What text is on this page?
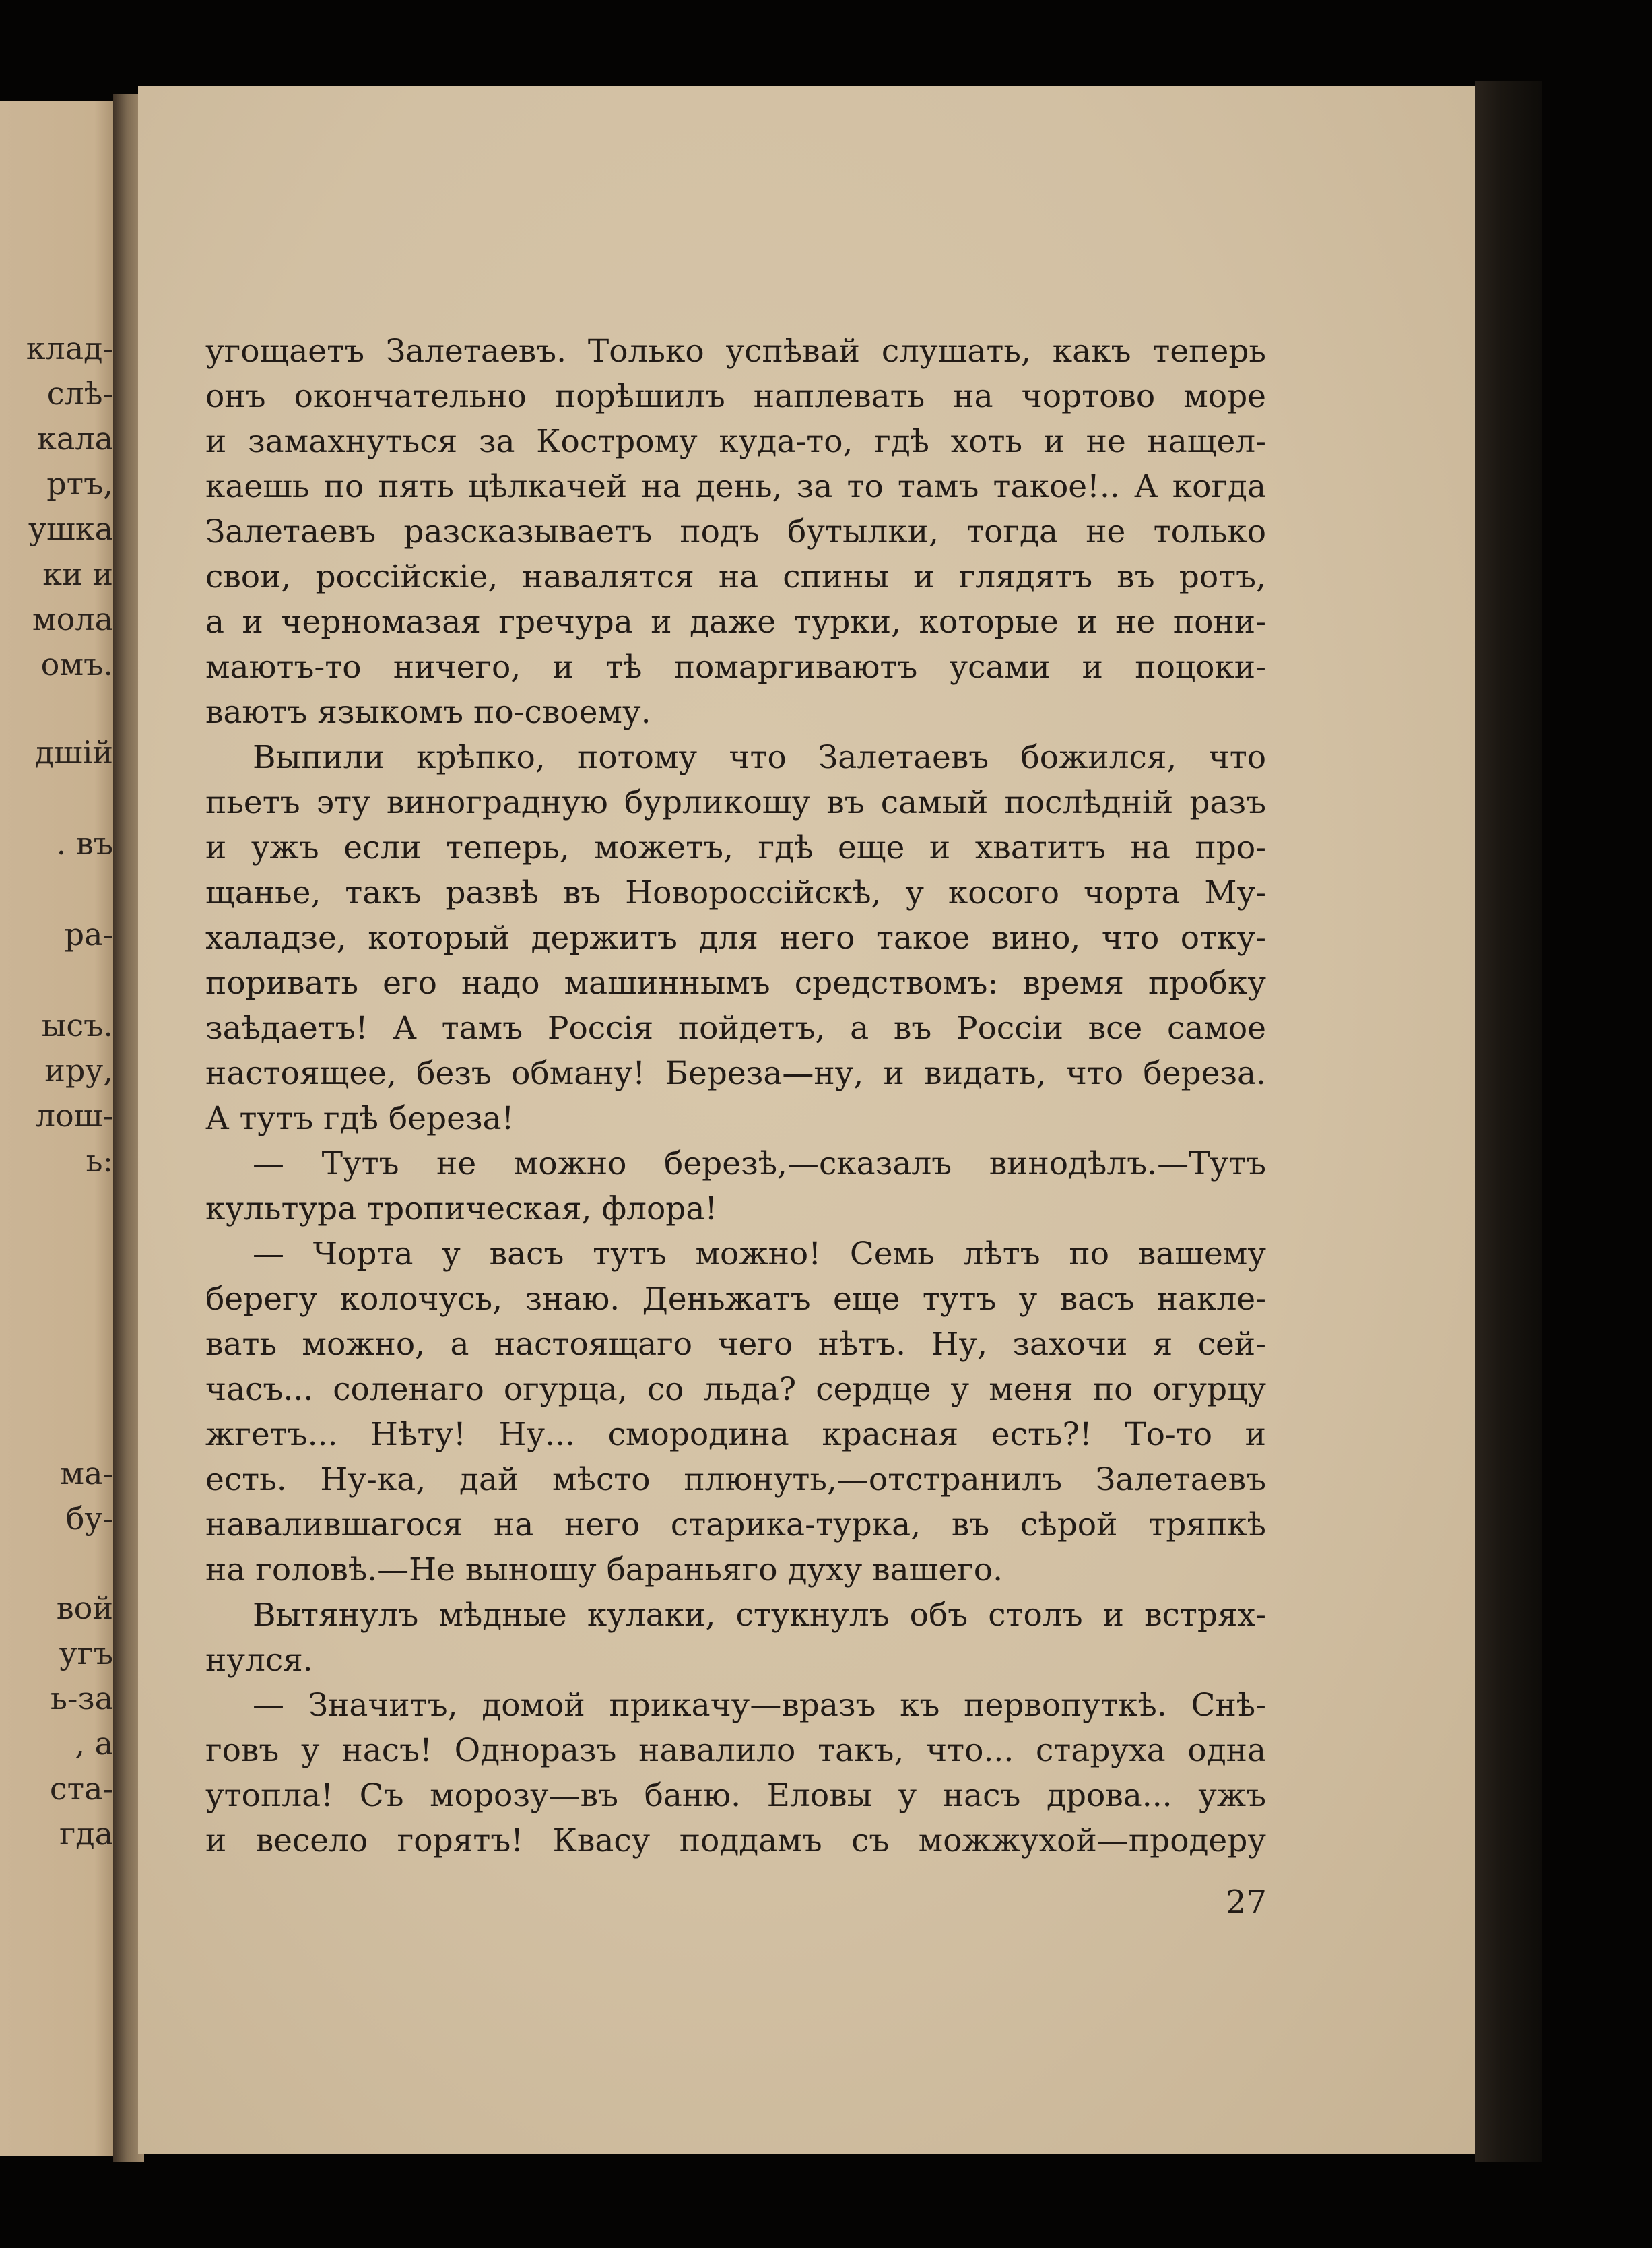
клад-
слѣ-
кала
ртъ,
ушка
ки и
мола
омъ.
дшій
. въ
ра-
ысъ.
иру,
лош-
ь:
ма-
бу-
вой
угъ
ь-за
, а
ста-
гда
угощаетъ Залетаевъ. Только успѣвай слушать, какъ теперь
онъ окончательно порѣшилъ наплевать на чортово море
и замахнуться за Кострому куда-то, гдѣ хоть и не нащел-
каешь по пять цѣлкачей на день, за то тамъ такое!.. А когда
Залетаевъ разсказываетъ подъ бутылки, тогда не только
свои, россійскіе, навалятся на спины и глядятъ въ ротъ,
а и черномазая гречура и даже турки, которые и не пони-
маютъ-то ничего, и тѣ помаргиваютъ усами и поцоки-
ваютъ языкомъ по-своему.
Выпили крѣпко, потому что Залетаевъ божился, что
пьетъ эту виноградную бурликошу въ самый послѣдній разъ
и ужъ если теперь, можетъ, гдѣ еще и хватитъ на про-
щанье, такъ развѣ въ Новороссійскѣ, у косого чорта Му-
халадзе, который держитъ для него такое вино, что отку-
поривать его надо машиннымъ средствомъ: время пробку
заѣдаетъ! А тамъ Россія пойдетъ, а въ Россіи все самое
настоящее, безъ обману! Береза—ну, и видать, что береза.
А тутъ гдѣ береза!
— Тутъ не можно березѣ,—сказалъ винодѣлъ.—Тутъ
культура тропическая, флора!
— Чорта у васъ тутъ можно! Семь лѣтъ по вашему
берегу колочусь, знаю. Деньжатъ еще тутъ у васъ накле-
вать можно, а настоящаго чего нѣтъ. Ну, захочи я сей-
часъ... соленаго огурца, со льда? сердце у меня по огурцу
жгетъ... Нѣту! Ну... смородина красная есть?! То-то и
есть. Ну-ка, дай мѣсто плюнуть,—отстранилъ Залетаевъ
навалившагося на него старика-турка, въ сѣрой тряпкѣ
на головѣ.—Не выношу бараньяго духу вашего.
Вытянулъ мѣдные кулаки, стукнулъ объ столъ и встрях-
нулся.
— Значитъ, домой прикачу—вразъ къ первопуткѣ. Снѣ-
говъ у насъ! Одноразъ навалило такъ, что... старуха одна
утопла! Съ морозу—въ баню. Еловы у насъ дрова... ужъ
и весело горятъ! Квасу поддамъ съ можжухой—продеру
27
